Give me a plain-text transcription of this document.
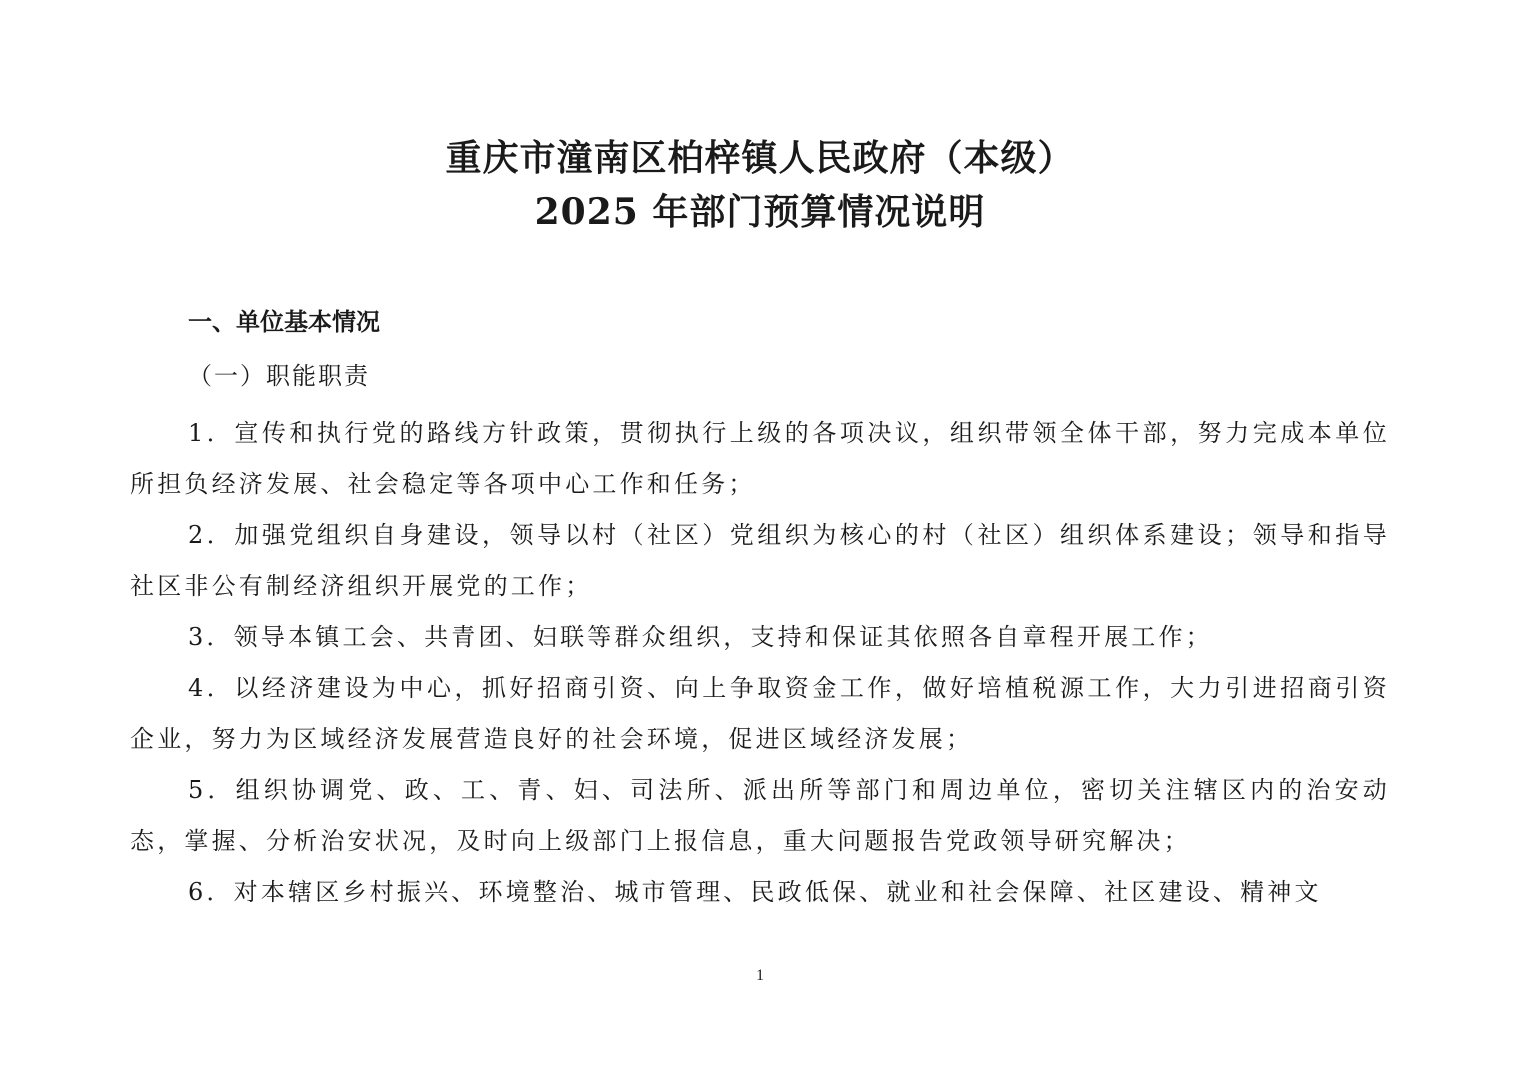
重庆市潼南区柏梓镇人民政府（本级）
2025 年部门预算情况说明
一、单位基本情况
（一）职能职责

1．宣传和执行党的路线方针政策，贯彻执行上级的各项决议，组织带领全体干部，努力完成本单位所担负经济发展、社会稳定等各项中心工作和任务；

2．加强党组织自身建设，领导以村（社区）党组织为核心的村（社区）组织体系建设；领导和指导社区非公有制经济组织开展党的工作；

3．领导本镇工会、共青团、妇联等群众组织，支持和保证其依照各自章程开展工作；

4．以经济建设为中心，抓好招商引资、向上争取资金工作，做好培植税源工作，大力引进招商引资企业，努力为区域经济发展营造良好的社会环境，促进区域经济发展；

5．组织协调党、政、工、青、妇、司法所、派出所等部门和周边单位，密切关注辖区内的治安动态，掌握、分析治安状况，及时向上级部门上报信息，重大问题报告党政领导研究解决；

6．对本辖区乡村振兴、环境整治、城市管理、民政低保、就业和社会保障、社区建设、精神文

1
